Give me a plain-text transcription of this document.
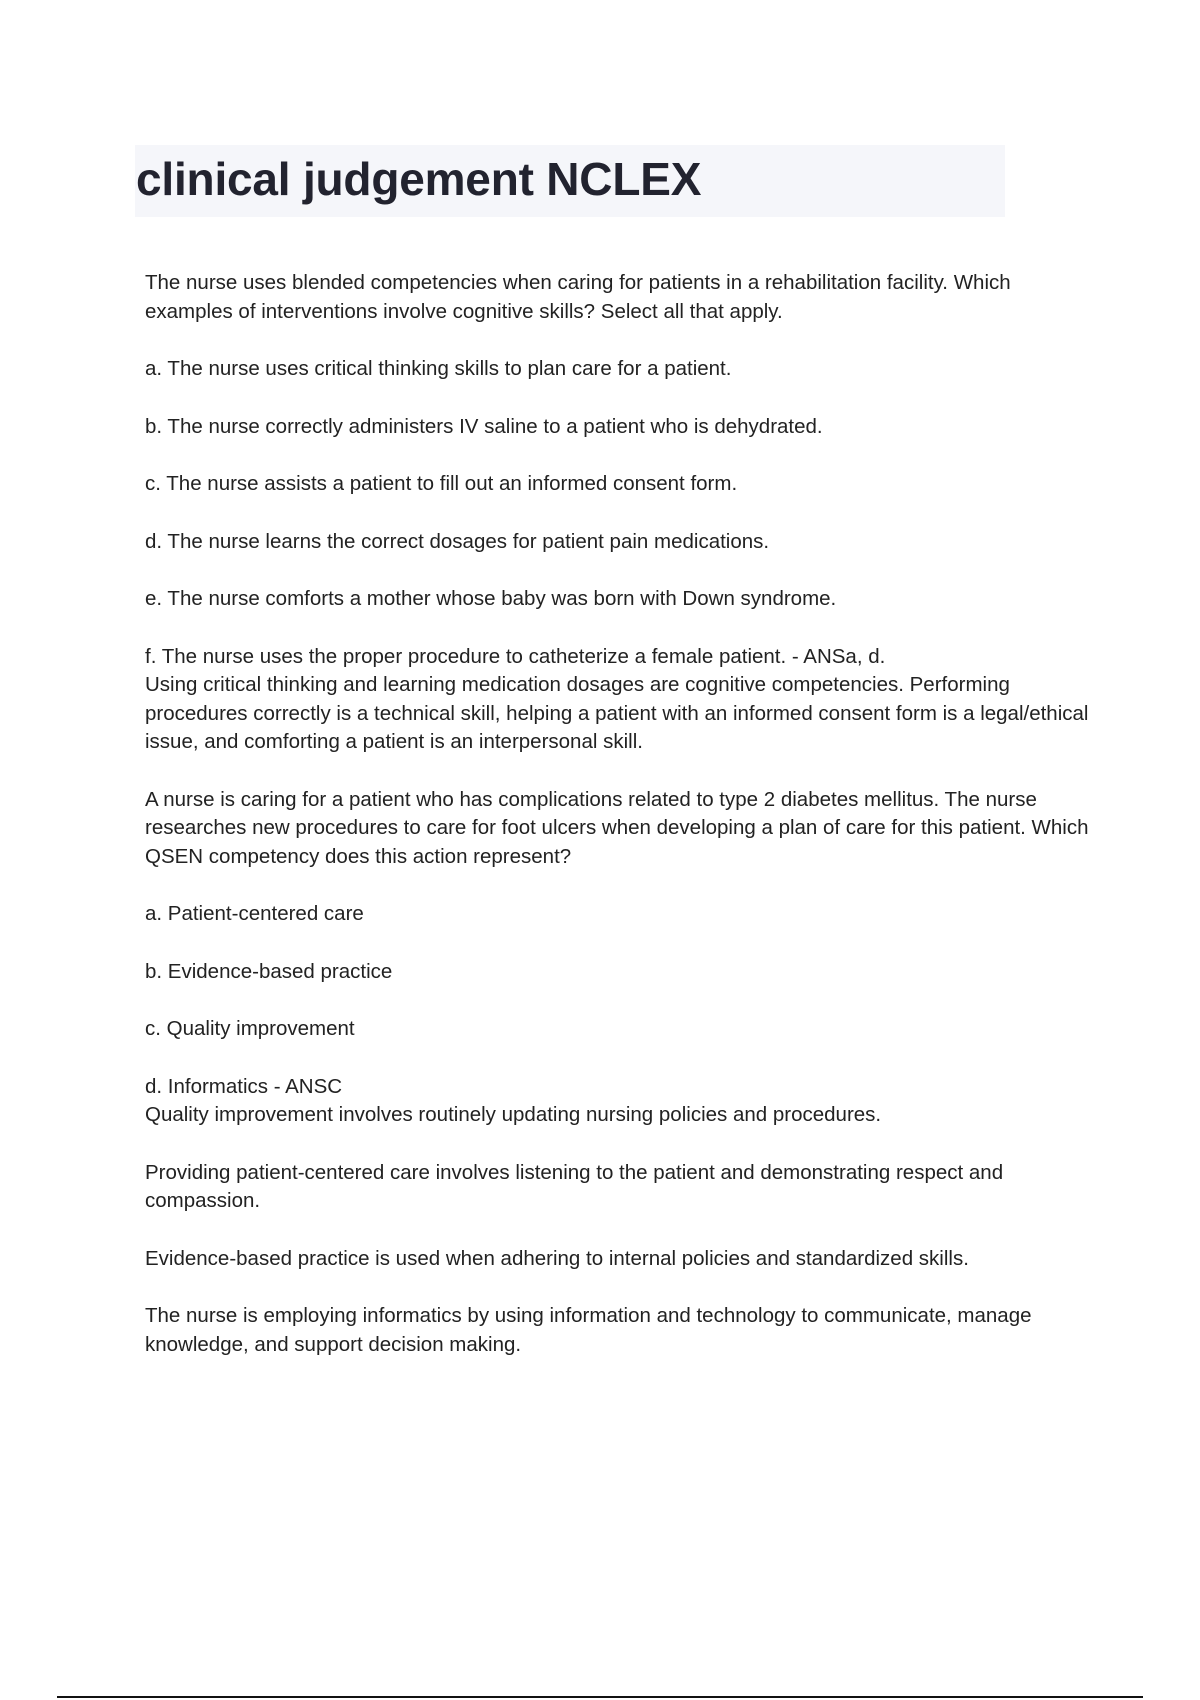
clinical judgement NCLEX

The nurse uses blended competencies when caring for patients in a rehabilitation facility. Which examples of interventions involve cognitive skills? Select all that apply.

a. The nurse uses critical thinking skills to plan care for a patient.

b. The nurse correctly administers IV saline to a patient who is dehydrated.

c. The nurse assists a patient to fill out an informed consent form.

d. The nurse learns the correct dosages for patient pain medications.

e. The nurse comforts a mother whose baby was born with Down syndrome.

f. The nurse uses the proper procedure to catheterize a female patient. - ANSa, d.

Using critical thinking and learning medication dosages are cognitive competencies. Performing procedures correctly is a technical skill, helping a patient with an informed consent form is a legal/ethical issue, and comforting a patient is an interpersonal skill.

A nurse is caring for a patient who has complications related to type 2 diabetes mellitus. The nurse researches new procedures to care for foot ulcers when developing a plan of care for this patient. Which QSEN competency does this action represent?

a. Patient-centered care

b. Evidence-based practice

c. Quality improvement

d. Informatics - ANSC

Quality improvement involves routinely updating nursing policies and procedures.

Providing patient-centered care involves listening to the patient and demonstrating respect and compassion.

Evidence-based practice is used when adhering to internal policies and standardized skills.

The nurse is employing informatics by using information and technology to communicate, manage knowledge, and support decision making.
